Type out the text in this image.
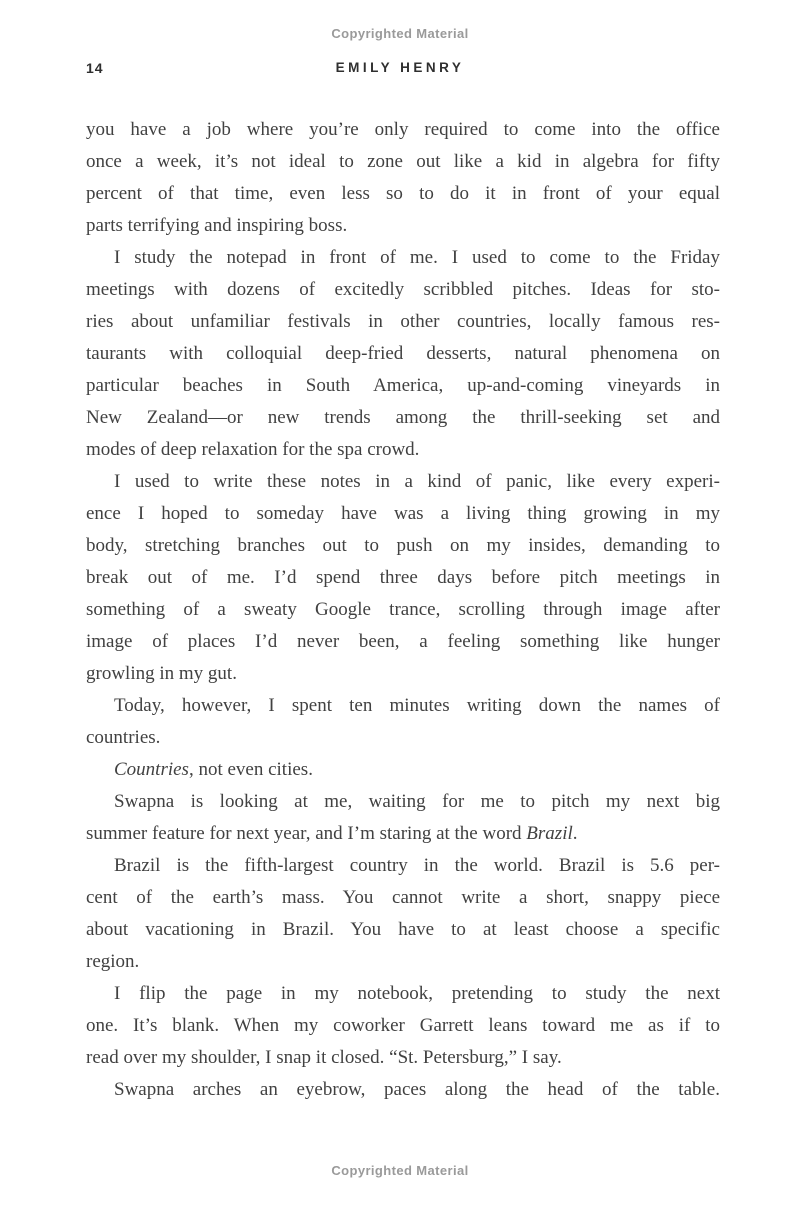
Copyrighted Material
14	EMILY HENRY
you have a job where you’re only required to come into the office
once a week, it’s not ideal to zone out like a kid in algebra for fifty
percent of that time, even less so to do it in front of your equal
parts terrifying and inspiring boss.
I study the notepad in front of me. I used to come to the Friday
meetings with dozens of excitedly scribbled pitches. Ideas for sto-
ries about unfamiliar festivals in other countries, locally famous res-
taurants with colloquial deep-fried desserts, natural phenomena on
particular beaches in South America, up-and-coming vineyards in
New Zealand—or new trends among the thrill-seeking set and
modes of deep relaxation for the spa crowd.
I used to write these notes in a kind of panic, like every experi-
ence I hoped to someday have was a living thing growing in my
body, stretching branches out to push on my insides, demanding to
break out of me. I’d spend three days before pitch meetings in
something of a sweaty Google trance, scrolling through image after
image of places I’d never been, a feeling something like hunger
growling in my gut.
Today, however, I spent ten minutes writing down the names of
countries.
Countries, not even cities.
Swapna is looking at me, waiting for me to pitch my next big
summer feature for next year, and I’m staring at the word Brazil.
Brazil is the fifth-largest country in the world. Brazil is 5.6 per-
cent of the earth’s mass. You cannot write a short, snappy piece
about vacationing in Brazil. You have to at least choose a specific
region.
I flip the page in my notebook, pretending to study the next
one. It’s blank. When my coworker Garrett leans toward me as if to
read over my shoulder, I snap it closed. “St. Petersburg,” I say.
Swapna arches an eyebrow, paces along the head of the table.
Copyrighted Material
